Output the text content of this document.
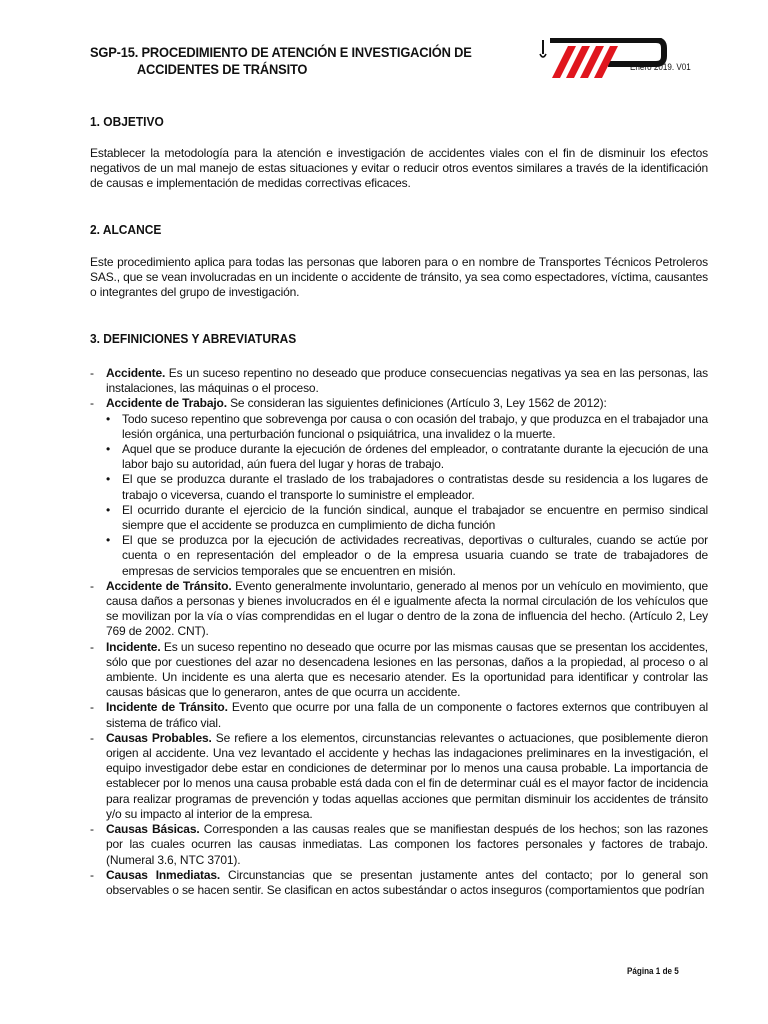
SGP-15. PROCEDIMIENTO DE ATENCIÓN E INVESTIGACIÓN DE
ACCIDENTES DE TRÁNSITO	Enero 2019. V01
1. OBJETIVO
Establecer la metodología para la atención e investigación de accidentes viales con el fin de disminuir los efectos negativos de un mal manejo de estas situaciones y evitar o reducir otros eventos similares a través de la identificación de causas e implementación de medidas correctivas eficaces.
2. ALCANCE
Este procedimiento aplica para todas las personas que laboren para o en nombre de Transportes Técnicos Petroleros SAS., que se vean involucradas en un incidente o accidente de tránsito, ya sea como espectadores, víctima, causantes o integrantes del grupo de investigación.
3. DEFINICIONES Y ABREVIATURAS
- Accidente. Es un suceso repentino no deseado que produce consecuencias negativas ya sea en las personas, las instalaciones, las máquinas o el proceso.
- Accidente de Trabajo. Se consideran las siguientes definiciones (Artículo 3, Ley 1562 de 2012):
• Todo suceso repentino que sobrevenga por causa o con ocasión del trabajo, y que produzca en el trabajador una lesión orgánica, una perturbación funcional o psiquiátrica, una invalidez o la muerte.
• Aquel que se produce durante la ejecución de órdenes del empleador, o contratante durante la ejecución de una labor bajo su autoridad, aún fuera del lugar y horas de trabajo.
• El que se produzca durante el traslado de los trabajadores o contratistas desde su residencia a los lugares de trabajo o viceversa, cuando el transporte lo suministre el empleador.
• El ocurrido durante el ejercicio de la función sindical, aunque el trabajador se encuentre en permiso sindical siempre que el accidente se produzca en cumplimiento de dicha función
• El que se produzca por la ejecución de actividades recreativas, deportivas o culturales, cuando se actúe por cuenta o en representación del empleador o de la empresa usuaria cuando se trate de trabajadores de empresas de servicios temporales que se encuentren en misión.
- Accidente de Tránsito. Evento generalmente involuntario, generado al menos por un vehículo en movimiento, que causa daños a personas y bienes involucrados en él e igualmente afecta la normal circulación de los vehículos que se movilizan por la vía o vías comprendidas en el lugar o dentro de la zona de influencia del hecho. (Artículo 2, Ley 769 de 2002. CNT).
- Incidente. Es un suceso repentino no deseado que ocurre por las mismas causas que se presentan los accidentes, sólo que por cuestiones del azar no desencadena lesiones en las personas, daños a la propiedad, al proceso o al ambiente. Un incidente es una alerta que es necesario atender. Es la oportunidad para identificar y controlar las causas básicas que lo generaron, antes de que ocurra un accidente.
- Incidente de Tránsito. Evento que ocurre por una falla de un componente o factores externos que contribuyen al sistema de tráfico vial.
- Causas Probables. Se refiere a los elementos, circunstancias relevantes o actuaciones, que posiblemente dieron origen al accidente. Una vez levantado el accidente y hechas las indagaciones preliminares en la investigación, el equipo investigador debe estar en condiciones de determinar por lo menos una causa probable. La importancia de establecer por lo menos una causa probable está dada con el fin de determinar cuál es el mayor factor de incidencia para realizar programas de prevención y todas aquellas acciones que permitan disminuir los accidentes de tránsito y/o su impacto al interior de la empresa.
- Causas Básicas. Corresponden a las causas reales que se manifiestan después de los hechos; son las razones por las cuales ocurren las causas inmediatas. Las componen los factores personales y factores de trabajo. (Numeral 3.6, NTC 3701).
- Causas Inmediatas. Circunstancias que se presentan justamente antes del contacto; por lo general son observables o se hacen sentir. Se clasifican en actos subestándar o actos inseguros (comportamientos que podrían
Página 1 de 5
